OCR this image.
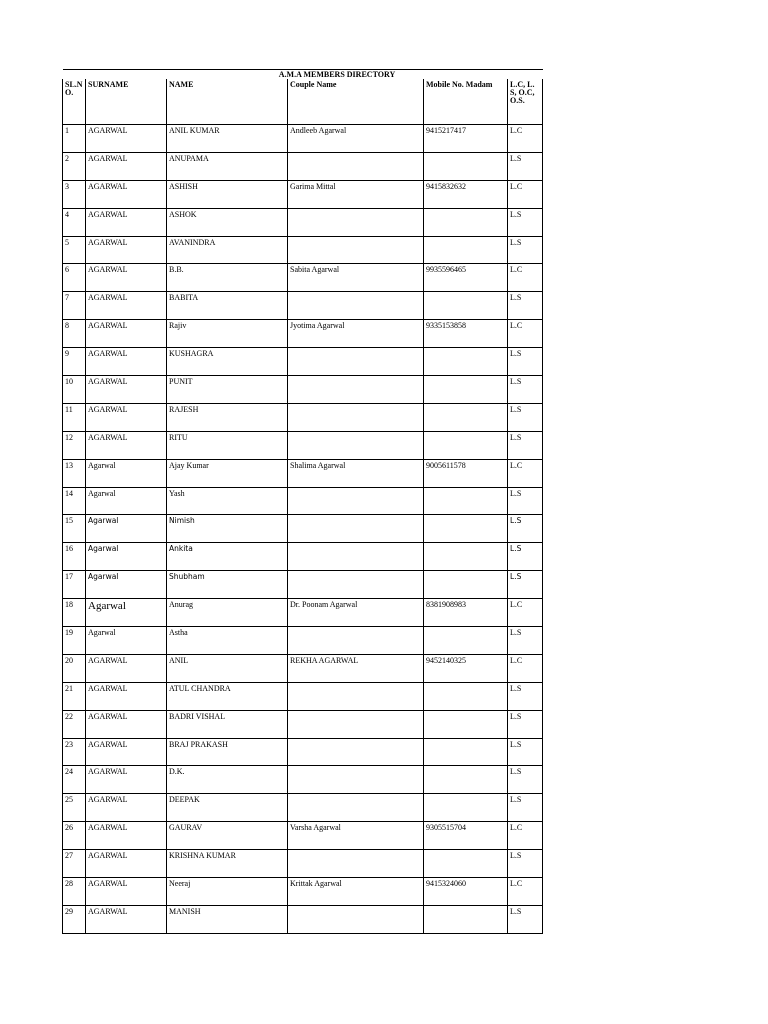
		A.M.A MEMBERS DIRECTORY			
SL.N O.	SURNAME	NAME	Couple Name	Mobile No. Madam	L.C, L.S, O.C, O.S.
1	AGARWAL	ANIL KUMAR	Andleeb Agarwal	9415217417	L.C
2	AGARWAL	ANUPAMA			L.S
3	AGARWAL	ASHISH	Garima Mittal	9415832632	L.C
4	AGARWAL	ASHOK			L.S
5	AGARWAL	AVANINDRA			L.S
6	AGARWAL	B.B.	Sabita Agarwal	9935596465	L.C
7	AGARWAL	BABITA			L.S
8	AGARWAL	Rajiv	Jyotima Agarwal	9335153858	L.C
9	AGARWAL	KUSHAGRA			L.S
10	AGARWAL	PUNIT			L.S
11	AGARWAL	RAJESH			L.S
12	AGARWAL	RITU			L.S
13	Agarwal	Ajay Kumar	Shalima Agarwal	9005611578	L.C
14	Agarwal	Yash			L.S
15	Agarwal	Nimish			L.S
16	Agarwal	Ankita			L.S
17	Agarwal	Shubham			L.S
18	Agarwal	Anurag	Dr. Poonam Agarwal	8381908983	L.C
19	Agarwal	Astha			L.S
20	AGARWAL	ANIL	REKHA AGARWAL	9452140325	L.C
21	AGARWAL	ATUL CHANDRA			L.S
22	AGARWAL	BADRI VISHAL			L.S
23	AGARWAL	BRAJ PRAKASH			L.S
24	AGARWAL	D.K.			L.S
25	AGARWAL	DEEPAK			L.S
26	AGARWAL	GAURAV	Varsha Agarwal	9305515704	L.C
27	AGARWAL	KRISHNA KUMAR			L.S
28	AGARWAL	Neeraj	Krittak Agarwal	9415324060	L.C
29	AGARWAL	MANISH			L.S
